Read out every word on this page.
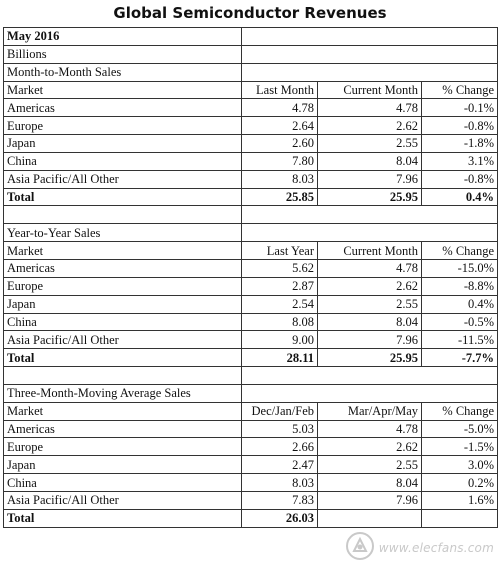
Global Semiconductor Revenues
May 2016			
Billions			
Month-to-Month Sales			
Market	Last Month	Current Month	% Change
Americas	4.78	4.78	-0.1%
Europe	2.64	2.62	-0.8%
Japan	2.60	2.55	-1.8%
China	7.80	8.04	3.1%
Asia Pacific/All Other	8.03	7.96	-0.8%
Total	25.85	25.95	0.4%

Year-to-Year Sales			
Market	Last Year	Current Month	% Change
Americas	5.62	4.78	-15.0%
Europe	2.87	2.62	-8.8%
Japan	2.54	2.55	0.4%
China	8.08	8.04	-0.5%
Asia Pacific/All Other	9.00	7.96	-11.5%
Total	28.11	25.95	-7.7%

Three-Month-Moving Average Sales			
Market	Dec/Jan/Feb	Mar/Apr/May	% Change
Americas	5.03	4.78	-5.0%
Europe	2.66	2.62	-1.5%
Japan	2.47	2.55	3.0%
China	8.03	8.04	0.2%
Asia Pacific/All Other	7.83	7.96	1.6%
Total	26.03		
www.elecfans.com
